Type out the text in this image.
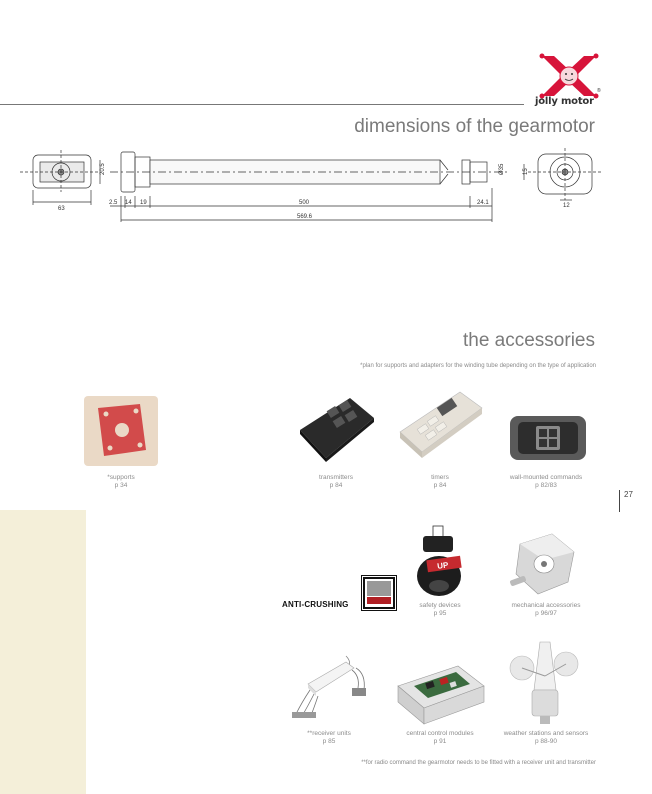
®
jolly motor
dimensions of the gearmotor
63
20.5
2.5 14 19	500	24.1
569.6
Ø35	15
12
the accessories
*plan for supports and adapters for the winding tube depending on the type of application
*supports
p 34
transmitters
p 84
timers
p 84
wall-mounted commands
p 82/83
27
ANTI-CRUSHING
UP
safety devices
p 95
mechanical accessories
p 96/97
**receiver units
p 85
central control modules
p 91
weather stations and sensors
p 88-90
**for radio command the gearmotor needs to be fitted with a receiver unit and transmitter
